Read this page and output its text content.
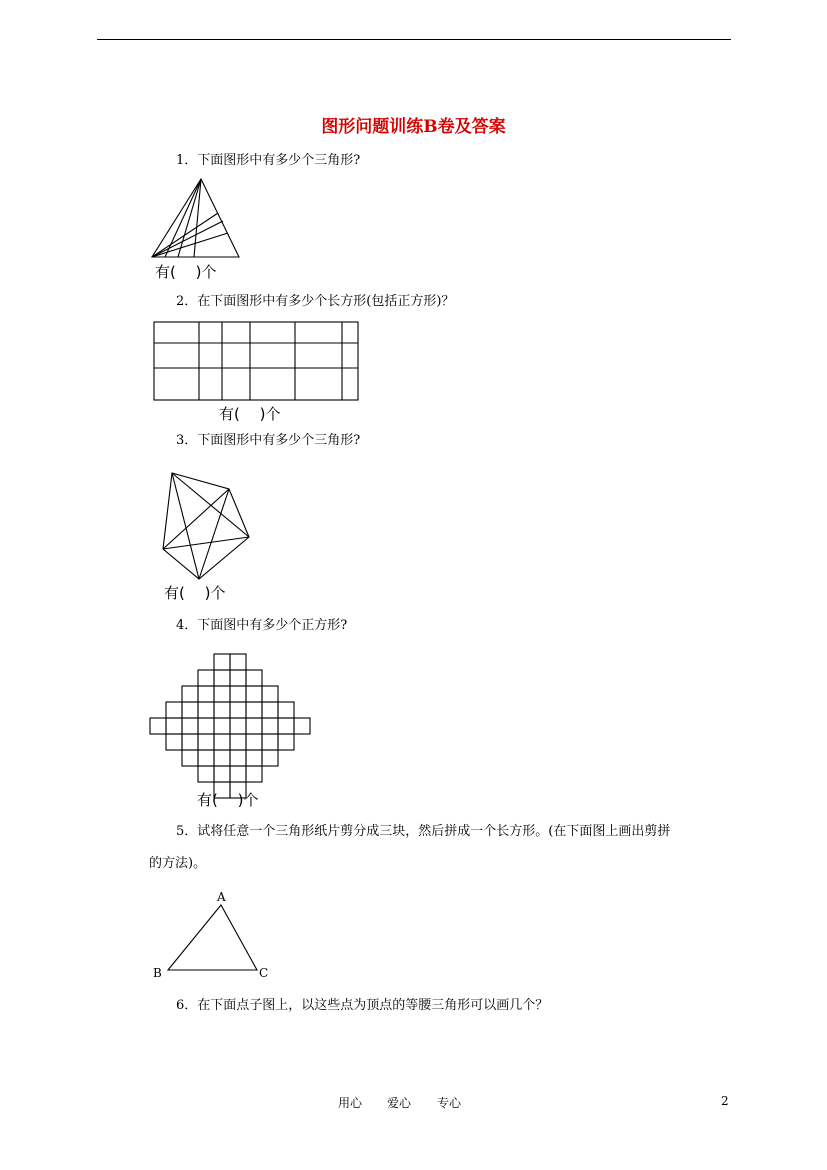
图形问题训练B卷及答案
1．下面图形中有多少个三角形?
有(　 )个
2．在下面图形中有多少个长方形(包括正方形)？
有(　 )个
3．下面图形中有多少个三角形?
有(　 )个
4．下面图中有多少个正方形?
有(　 )个
5．试将任意一个三角形纸片剪分成三块，然后拼成一个长方形。(在下面图上画出剪拼
的方法)。
A
B	C
6．在下面点子图上，以这些点为顶点的等腰三角形可以画几个？
用心 爱心 专心	2
